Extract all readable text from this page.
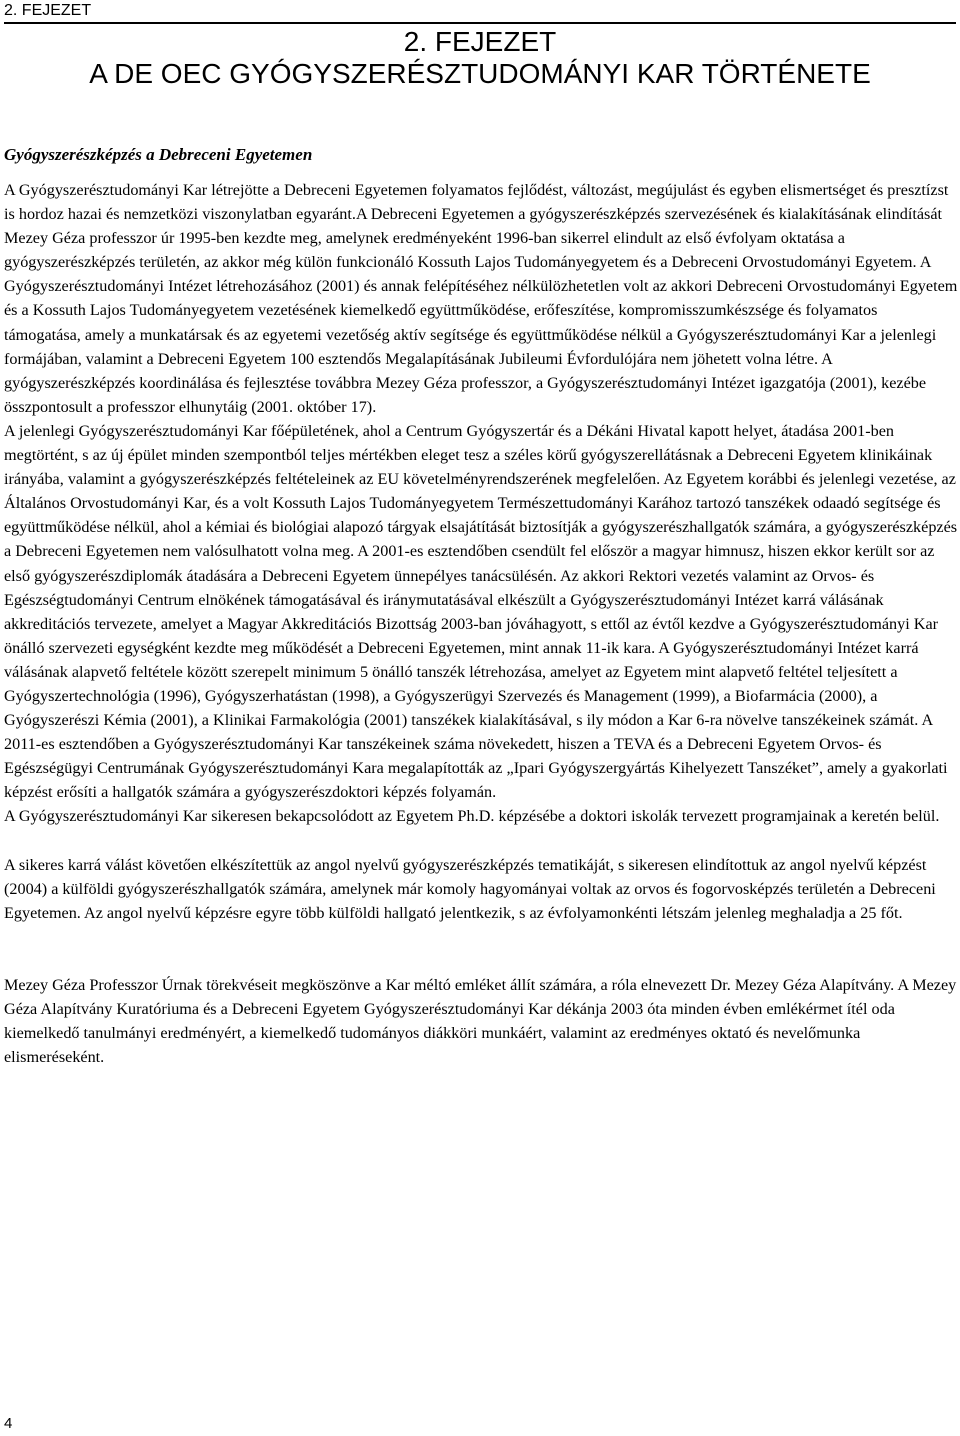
2. FEJEZET
2. FEJEZET
A DE OEC GYÓGYSZERÉSZTUDOMÁNYI KAR TÖRTÉNETE
Gyógyszerészképzés a Debreceni Egyetemen

A Gyógyszerésztudományi Kar létrejötte a Debreceni Egyetemen folyamatos fejlődést, változást, megújulást és egyben elismertséget és presztízst is hordoz hazai és nemzetközi viszonylatban egyaránt.A Debreceni Egyetemen a gyógyszerészképzés szervezésének és kialakításának elindítását Mezey Géza professzor úr 1995-ben kezdte meg, amelynek eredményeként 1996-ban sikerrel elindult az első évfolyam oktatása a gyógyszerészképzés területén, az akkor még külön funkcionáló Kossuth Lajos Tudományegyetem és a Debreceni Orvostudományi Egyetem. A Gyógyszerésztudományi Intézet létrehozásához (2001) és annak felépítéséhez nélkülözhetetlen volt az akkori Debreceni Orvostudományi Egyetem és a Kossuth Lajos Tudományegyetem vezetésének kiemelkedő együttműködése, erőfeszítése, kompromisszumkészsége és folyamatos támogatása, amely a munkatársak és az egyetemi vezetőség aktív segítsége és együttműködése nélkül a Gyógyszerésztudományi Kar a jelenlegi formájában, valamint a Debreceni Egyetem 100 esztendős Megalapításának Jubileumi Évfordulójára nem jöhetett volna létre. A gyógyszerészképzés koordinálása és fejlesztése továbbra Mezey Géza professzor, a Gyógyszerésztudományi Intézet igazgatója (2001), kezébe összpontosult a professzor elhunytáig (2001. október 17).

A jelenlegi Gyógyszerésztudományi Kar főépületének, ahol a Centrum Gyógyszertár és a Dékáni Hivatal kapott helyet, átadása 2001-ben megtörtént, s az új épület minden szempontból teljes mértékben eleget tesz a széles körű gyógyszerellátásnak a Debreceni Egyetem klinikáinak irányába, valamint a gyógyszerészképzés feltételeinek az EU követelményrendszerének megfelelően. Az Egyetem korábbi és jelenlegi vezetése, az Általános Orvostudományi Kar, és a volt Kossuth Lajos Tudományegyetem Természettudományi Karához tartozó tanszékek odaadó segítsége és együttműködése nélkül, ahol a kémiai és biológiai alapozó tárgyak elsajátítását biztosítják a gyógyszerészhallgatók számára, a gyógyszerészképzés a Debreceni Egyetemen nem valósulhatott volna meg. A 2001-es esztendőben csendült fel először a magyar himnusz, hiszen ekkor került sor az első gyógyszerészdiplomák átadására a Debreceni Egyetem ünnepélyes tanácsülésén. Az akkori Rektori vezetés valamint az Orvos- és Egészségtudományi Centrum elnökének támogatásával és iránymutatásával elkészült a Gyógyszerésztudományi Intézet karrá válásának akkreditációs tervezete, amelyet a Magyar Akkreditációs Bizottság 2003-ban jóváhagyott, s ettől az évtől kezdve a Gyógyszerésztudományi Kar önálló szervezeti egységként kezdte meg működését a Debreceni Egyetemen, mint annak 11-ik kara. A Gyógyszerésztudományi Intézet karrá válásának alapvető feltétele között szerepelt minimum 5 önálló tanszék létrehozása, amelyet az Egyetem mint alapvető feltétel teljesített a Gyógyszertechnológia (1996), Gyógyszerhatástan (1998), a Gyógyszerügyi Szervezés és Management (1999), a Biofarmácia (2000), a Gyógyszerészi Kémia (2001), a Klinikai Farmakológia (2001) tanszékek kialakításával, s ily módon a Kar 6-ra növelve tanszékeinek számát. A 2011-es esztendőben a Gyógyszerésztudományi Kar tanszékeinek száma növekedett, hiszen a TEVA és a Debreceni Egyetem Orvos- és Egészségügyi Centrumának Gyógyszerésztudományi Kara megalapították az „Ipari Gyógyszergyártás Kihelyezett Tanszéket”, amely a gyakorlati képzést erősíti a hallgatók számára a gyógyszerészdoktori képzés folyamán.

A Gyógyszerésztudományi Kar sikeresen bekapcsolódott az Egyetem Ph.D. képzésébe a doktori iskolák tervezett programjainak a keretén belül.

A sikeres karrá válást követően elkészítettük az angol nyelvű gyógyszerészképzés tematikáját, s sikeresen elindítottuk az angol nyelvű képzést (2004) a külföldi gyógyszerészhallgatók számára, amelynek már komoly hagyományai voltak az orvos és fogorvosképzés területén a Debreceni Egyetemen. Az angol nyelvű képzésre egyre több külföldi hallgató jelentkezik, s az évfolyamonkénti létszám jelenleg meghaladja a 25 főt.

Mezey Géza Professzor Úrnak törekvéseit megköszönve a Kar méltó emléket állít számára, a róla elnevezett Dr. Mezey Géza Alapítvány. A Mezey Géza Alapítvány Kuratóriuma és a Debreceni Egyetem Gyógyszerésztudományi Kar dékánja 2003 óta minden évben emlékérmet ítél oda kiemelkedő tanulmányi eredményért, a kiemelkedő tudományos diákköri munkáért, valamint az eredményes oktató és nevelőmunka elismeréseként.

4
